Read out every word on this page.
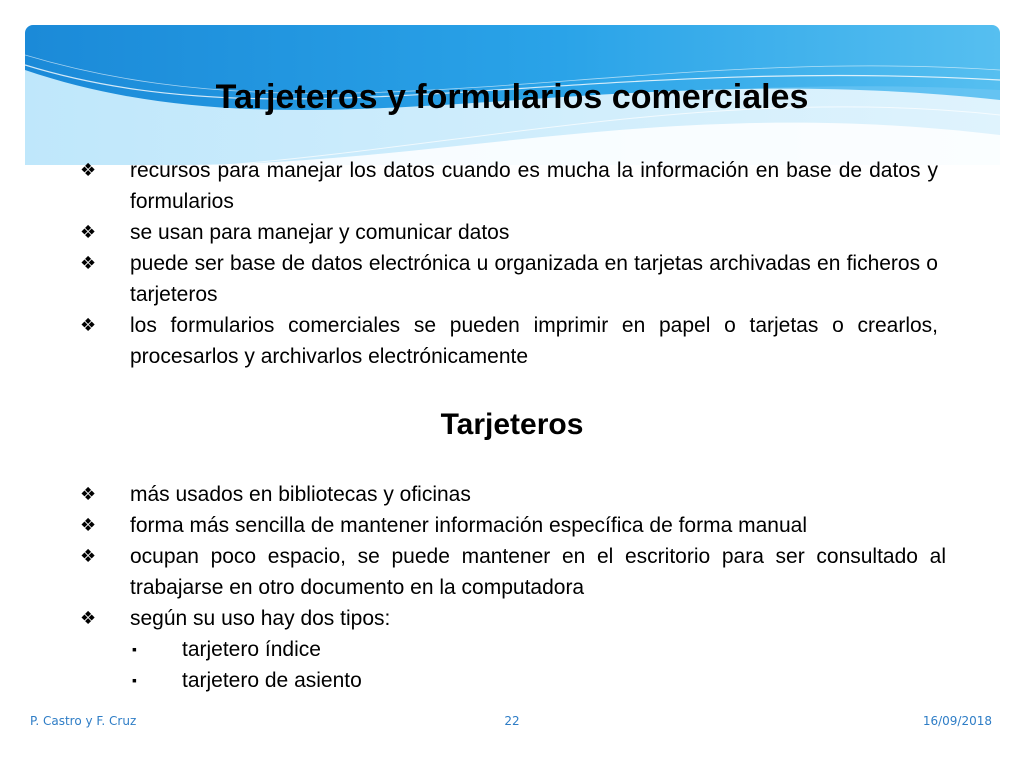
Tarjeteros y formularios comerciales
❖ recursos para manejar los datos cuando es mucha la información en base de datos y formularios
❖ se usan para manejar y comunicar datos
❖ puede ser base de datos electrónica u organizada en tarjetas archivadas en ficheros o tarjeteros
❖ los formularios comerciales se pueden imprimir en papel o tarjetas o crearlos, procesarlos y archivarlos electrónicamente
Tarjeteros
❖ más usados en bibliotecas y oficinas
❖ forma más sencilla de mantener información específica de forma manual
❖ ocupan poco espacio, se puede mantener en el escritorio para ser consultado al trabajarse en otro documento en la computadora
❖ según su uso hay dos tipos:
▪ tarjetero índice
▪ tarjetero de asiento
P. Castro y F. Cruz	22	16/09/2018
